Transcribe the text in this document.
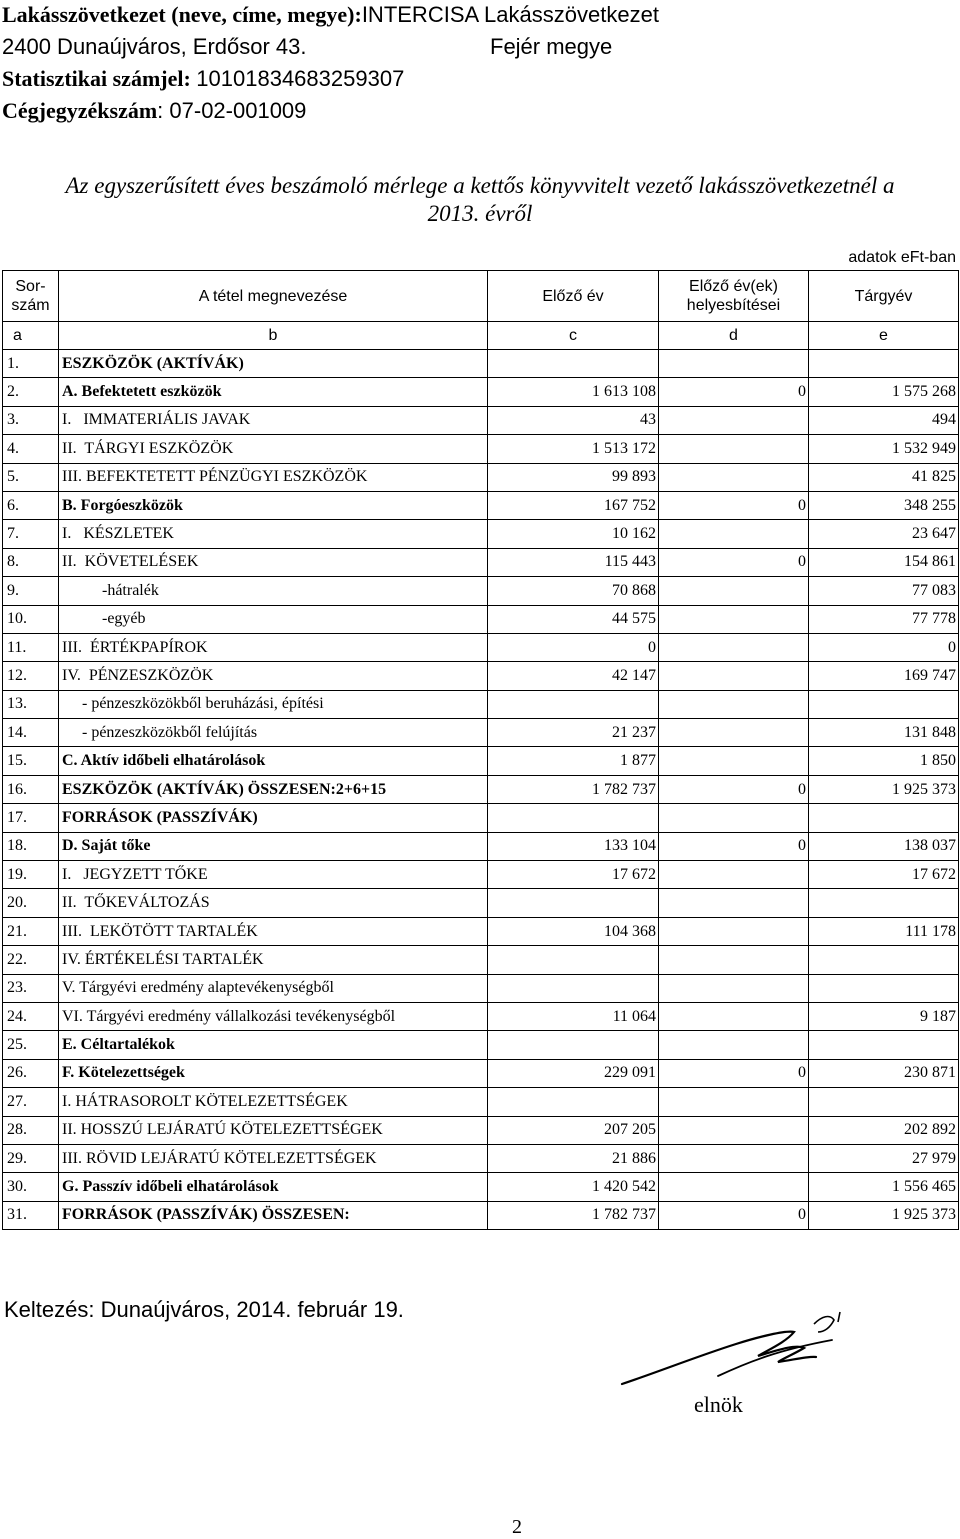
Lakásszövetkezet (neve, címe, megye):INTERCISA Lakásszövetkezet
2400 Dunaújváros, Erdősor 43.	Fejér megye
Statisztikai számjel: 10101834683259307
Cégjegyzékszám: 07-02-001009
Az egyszerűsített éves beszámoló mérlege a kettős könyvvitelt vezető lakásszövetkezetnél a
2013. évről
adatok eFt-ban
Sor-
szám	A tétel megnevezése	Előző év	Előző év(ek)
helyesbítései	Tárgyév
a	b	c	d	e
1.	ESZKÖZÖK (AKTÍVÁK)			
2.	A. Befektetett eszközök	1 613 108	0	1 575 268
3.	I.   IMMATERIÁLIS JAVAK	43		494
4.	II.  TÁRGYI ESZKÖZÖK	1 513 172		1 532 949
5.	III. BEFEKTETETT PÉNZÜGYI ESZKÖZÖK	99 893		41 825
6.	B. Forgóeszközök	167 752	0	348 255
7.	I.   KÉSZLETEK	10 162		23 647
8.	II.  KÖVETELÉSEK	115 443	0	154 861
9.	-hátralék	70 868		77 083
10.	-egyéb	44 575		77 778
11.	III.  ÉRTÉKPAPÍROK	0		0
12.	IV.  PÉNZESZKÖZÖK	42 147		169 747
13.	- pénzeszközökből beruházási, építési			
14.	- pénzeszközökből felújítás	21 237		131 848
15.	C. Aktív időbeli elhatárolások	1 877		1 850
16.	ESZKÖZÖK (AKTÍVÁK) ÖSSZESEN:2+6+15	1 782 737	0	1 925 373
17.	FORRÁSOK (PASSZÍVÁK)			
18.	D. Saját tőke	133 104	0	138 037
19.	I.   JEGYZETT TŐKE	17 672		17 672
20.	II.  TŐKEVÁLTOZÁS			
21.	III.  LEKÖTÖTT TARTALÉK	104 368		111 178
22.	IV. ÉRTÉKELÉSI TARTALÉK			
23.	V. Tárgyévi eredmény alaptevékenységből			
24.	VI. Tárgyévi eredmény vállalkozási tevékenységből	11 064		9 187
25.	E. Céltartalékok			
26.	F. Kötelezettségek	229 091	0	230 871
27.	I. HÁTRASOROLT KÖTELEZETTSÉGEK			
28.	II. HOSSZÚ LEJÁRATÚ KÖTELEZETTSÉGEK	207 205		202 892
29.	III. RÖVID LEJÁRATÚ KÖTELEZETTSÉGEK	21 886		27 979
30.	G. Passzív időbeli elhatárolások	1 420 542		1 556 465
31.	FORRÁSOK (PASSZÍVÁK) ÖSSZESEN:	1 782 737	0	1 925 373
Keltezés: Dunaújváros, 2014. február 19.
elnök
2
